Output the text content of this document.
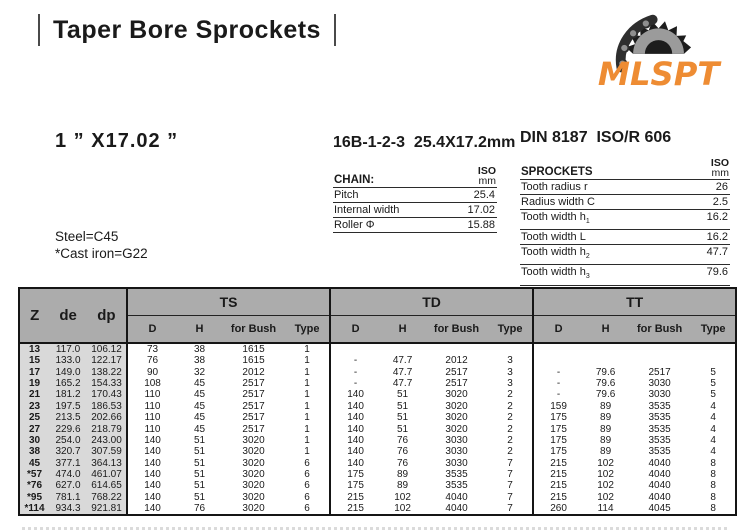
Taper Bore Sprockets
MLSPT
1 ” X17.02 ”	16B-1-2-3  25.4X17.2mm DIN 8187  ISO/R 606
CHAIN:
ISO
mm
Pitch	25.4
Internal width	17.02
Roller Φ	15.88
SPROCKETS
ISO
mm
Tooth radius r	26
Radius width C	2.5
Tooth width $h_1$	16.2
Tooth width L	16.2
Tooth width $h_2$	47.7
Tooth width $h_3$	79.6
Steel=C45
*Cast iron=G22
Z de dp			TS				TD				TT			
			D	H	for Bush	Type	D	H	for Bush	Type	D	H	for Bush	Type
13	117.0	106.12	73	38	1615	1								
15	133.0	122.17	76	38	1615	1	-	47.7	2012	3				
17	149.0	138.22	90	32	2012	1	-	47.7	2517	3	-	79.6	2517	5
19	165.2	154.33	108	45	2517	1	-	47.7	2517	3	-	79.6	3030	5
21	181.2	170.43	110	45	2517	1	140	51	3020	2	-	79.6	3030	5
23	197.5	186.53	110	45	2517	1	140	51	3020	2	159	89	3535	4
25	213.5	202.66	110	45	2517	1	140	51	3020	2	175	89	3535	4
27	229.6	218.79	110	45	2517	1	140	51	3020	2	175	89	3535	4
30	254.0	243.00	140	51	3020	1	140	76	3030	2	175	89	3535	4
38	320.7	307.59	140	51	3020	1	140	76	3030	2	175	89	3535	4
45	377.1	364.13	140	51	3020	6	140	76	3030	7	215	102	4040	8
*57	474.0	461.07	140	51	3020	6	175	89	3535	7	215	102	4040	8
*76	627.0	614.65	140	51	3020	6	175	89	3535	7	215	102	4040	8
*95	781.1	768.22	140	51	3020	6	215	102	4040	7	215	102	4040	8
*114	934.3	921.81	140	76	3020	6	215	102	4040	7	260	114	4045	8
